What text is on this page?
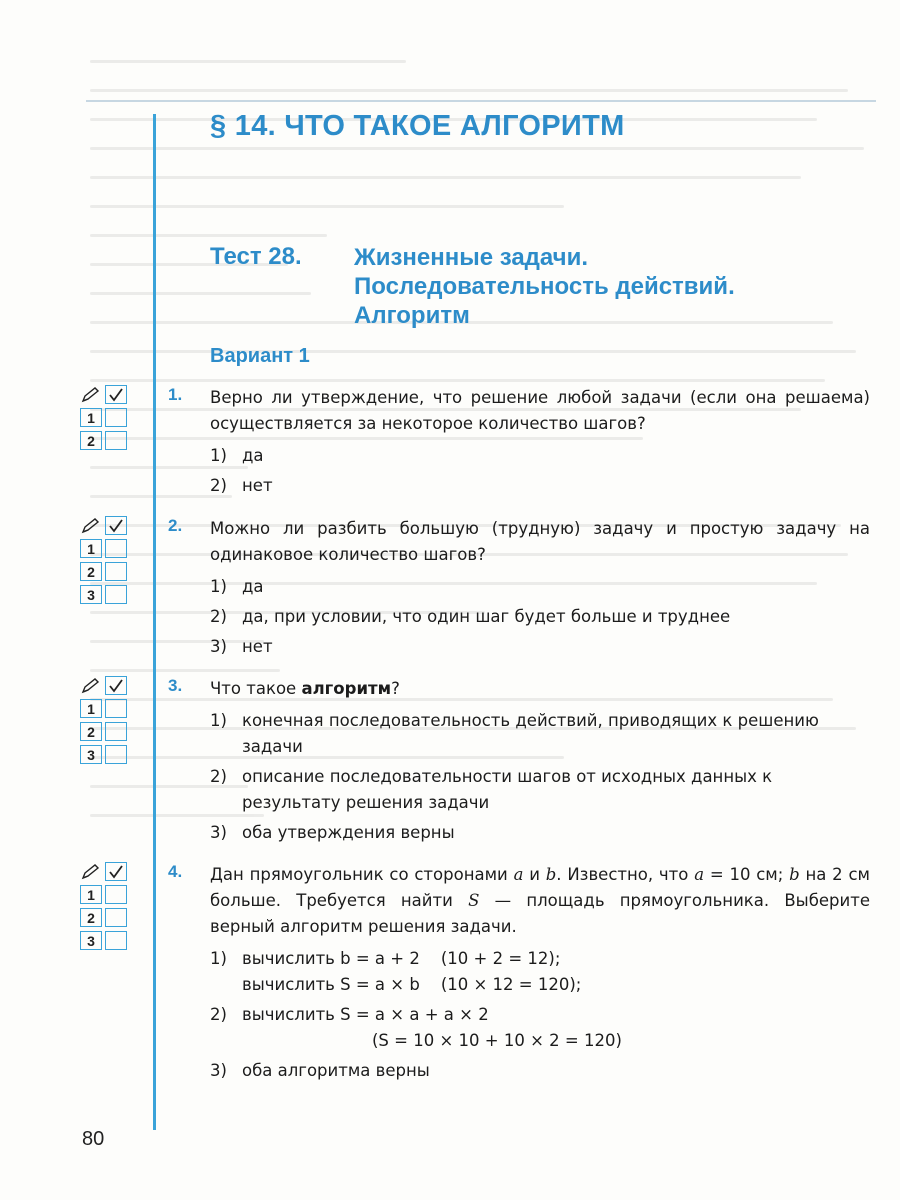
§ 14. ЧТО ТАКОЕ АЛГОРИТМ
Тест 28. Жизненные задачи.
Последовательность действий.
Алгоритм
Вариант 1
1
2
1. Верно ли утверждение, что решение любой задачи (если она решаема) осуществляется за некоторое количество шагов?

1) да
2) нет
1
2
3
2. Можно ли разбить большую (трудную) задачу и простую задачу на одинаковое количество шагов?

1) да
2) да, при условии, что один шаг будет больше и труднее
3) нет
1
2
3
3. Что такое алгоритм?

1) конечная последовательность действий, приводящих к решению задачи
2) описание последовательности шагов от исходных данных к результату решения задачи
3) оба утверждения верны
1
2
3
4. Дан прямоугольник со сторонами a и b. Известно, что a = 10 см; b на 2 см больше. Требуется найти S — площадь прямоугольника. Выберите верный алгоритм решения задачи.

1) вычислить b = a + 2    (10 + 2 = 12);
вычислить S = a × b    (10 × 12 = 120);
2) вычислить S = a × a + a × 2
(S = 10 × 10 + 10 × 2 = 120)
3) оба алгоритма верны
80
